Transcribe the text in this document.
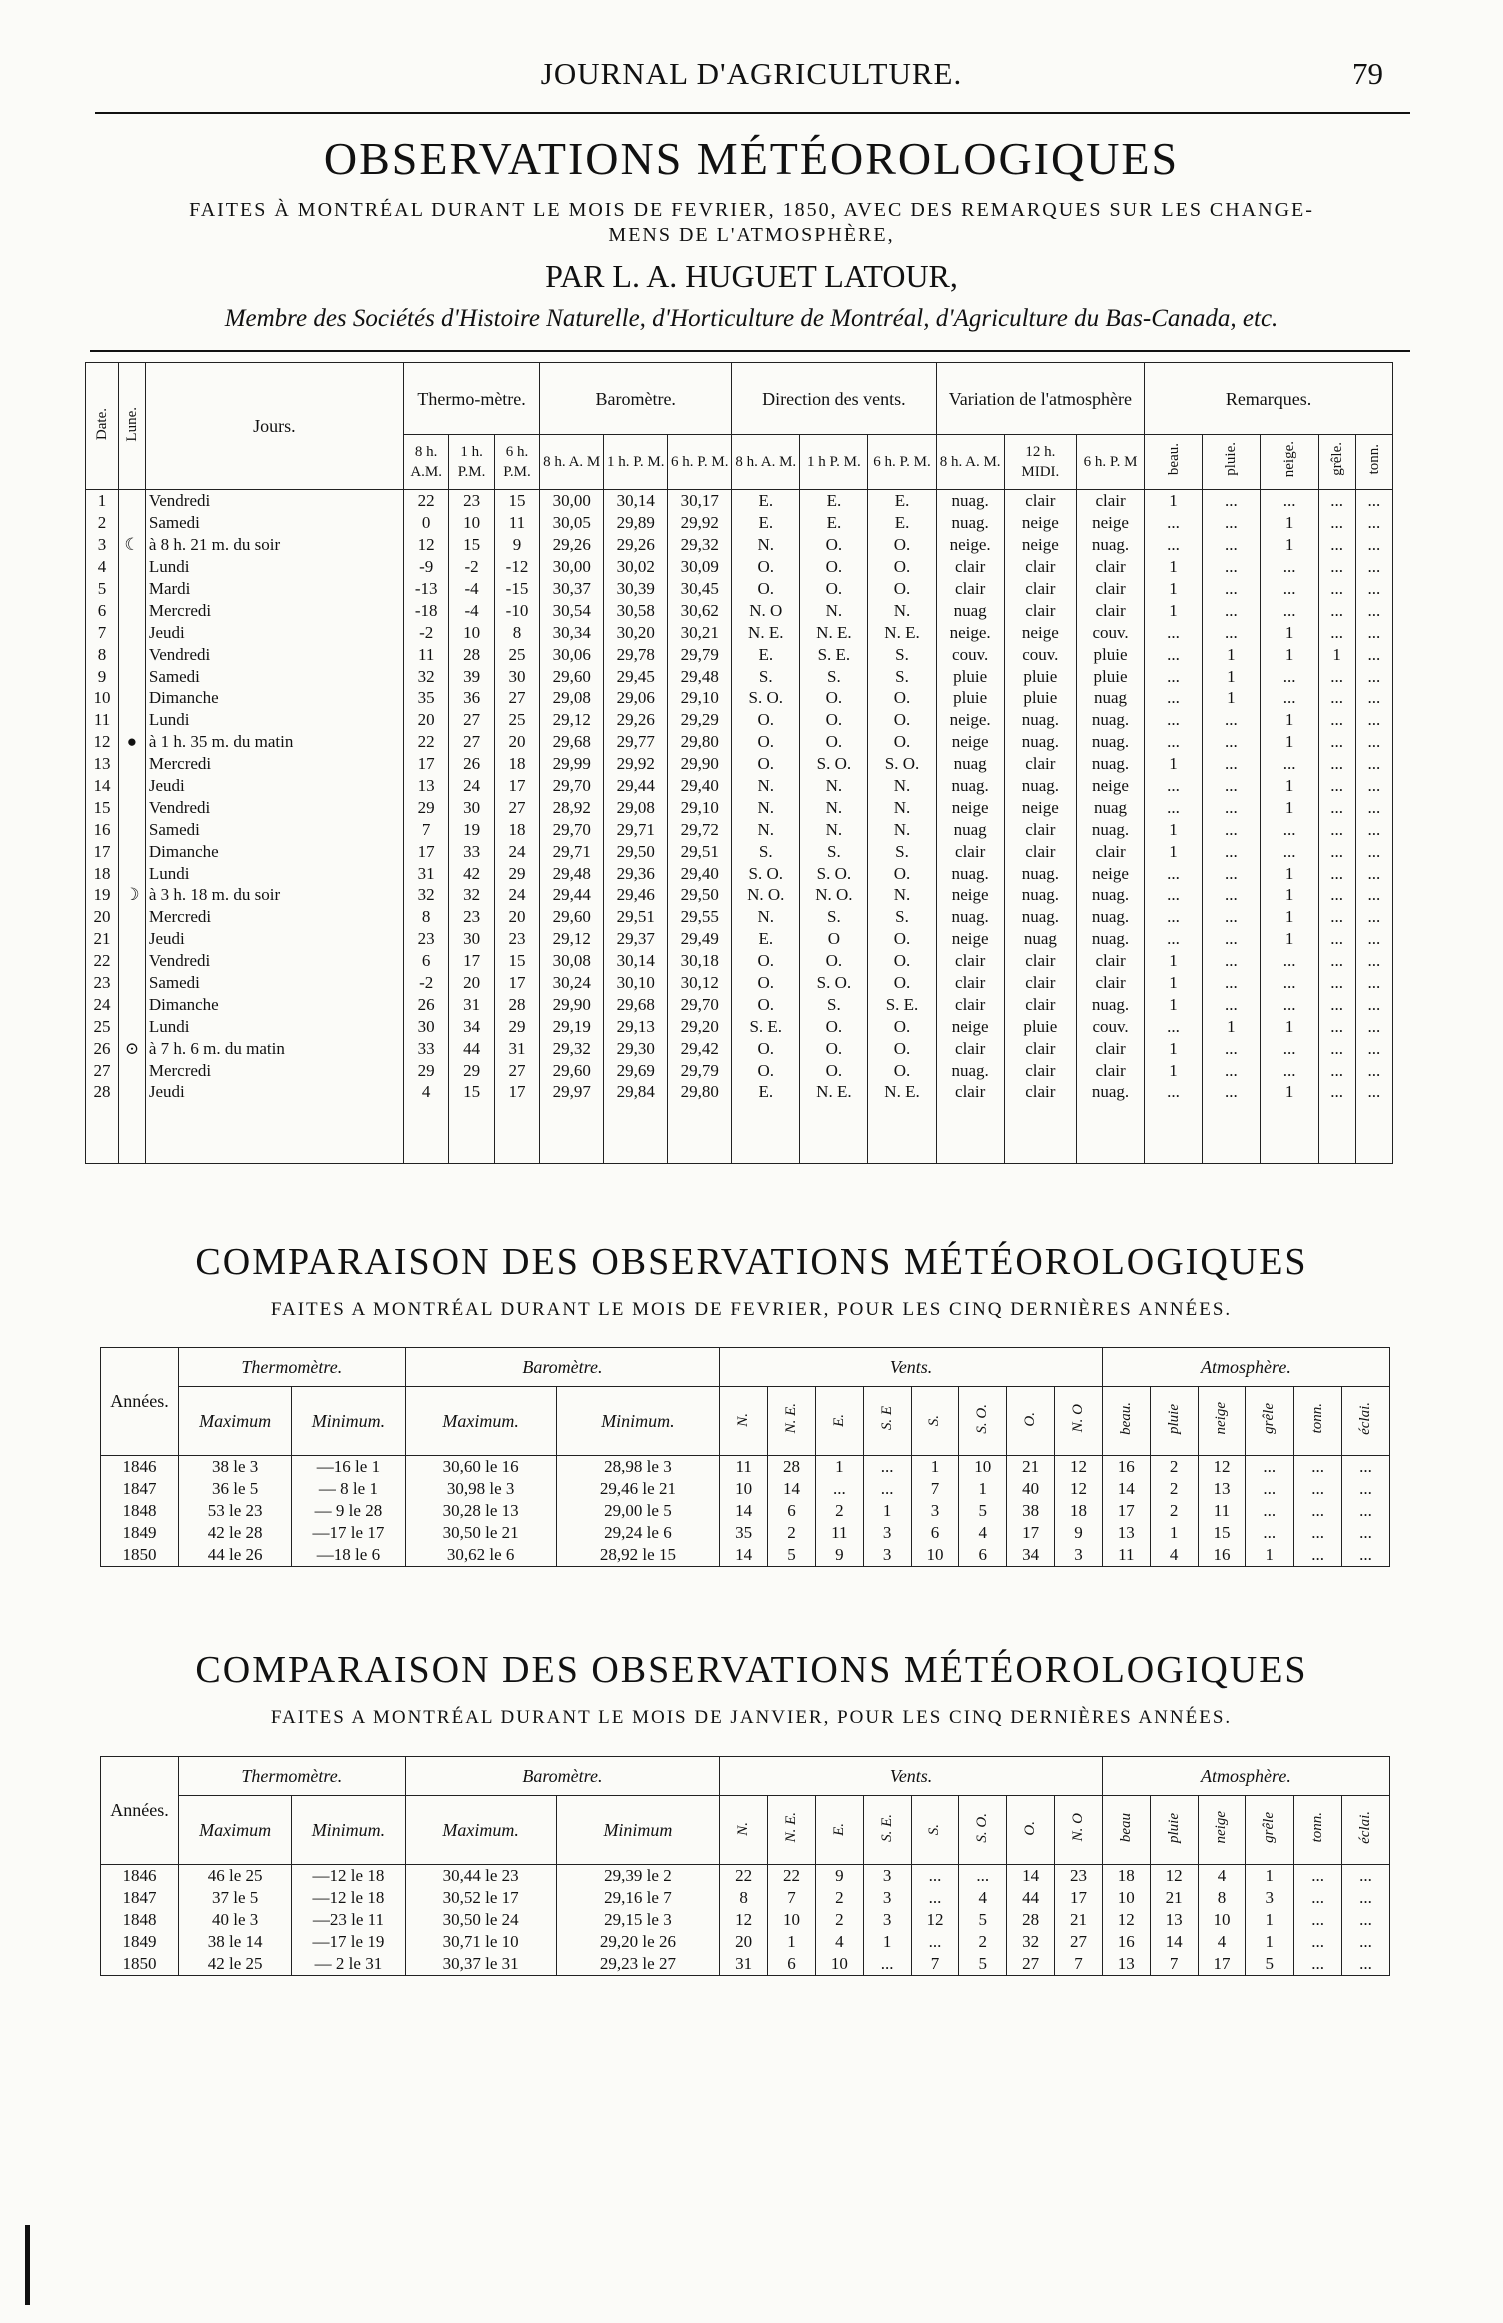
JOURNAL D'AGRICULTURE.	79
OBSERVATIONS MÉTÉOROLOGIQUES
FAITES À MONTRÉAL DURANT LE MOIS DE FEVRIER, 1850, AVEC DES REMARQUES SUR LES CHANGE-
MENS DE L'ATMOSPHÈRE,
PAR L. A. HUGUET LATOUR,
Membre des Sociétés d'Histoire Naturelle, d'Horticulture de Montréal, d'Agriculture du Bas-Canada, etc.
Date.	Lune.	Jours.	Thermo-mètre.			Baromètre.			Direction des vents.			Variation de l'atmosphère			Remarques.				
			8 h. A.M.	1 h. P.M.	6 h. P.M.	8 h. A. M	1 h. P. M.	6 h. P. M.	8 h. A. M.	1 h P. M.	6 h. P. M.	8 h. A. M.	12 h. MIDI.	6 h. P. M	beau.	pluie.	neige.	grêle.	tonn.
1		Vendredi	22	23	15	30,00	30,14	30,17	E.	E.	E.	nuag.	clair	clair	1	...	...	...	...
2		Samedi	0	10	11	30,05	29,89	29,92	E.	E.	E.	nuag.	neige	neige	...	...	1	...	...
3	☾	à 8 h. 21 m. du soir	12	15	9	29,26	29,26	29,32	N.	O.	O.	neige.	neige	nuag.	...	...	1	...	...
4		Lundi	-9	-2	-12	30,00	30,02	30,09	O.	O.	O.	clair	clair	clair	1	...	...	...	...
5		Mardi	-13	-4	-15	30,37	30,39	30,45	O.	O.	O.	clair	clair	clair	1	...	...	...	...
6		Mercredi	-18	-4	-10	30,54	30,58	30,62	N. O	N.	N.	nuag	clair	clair	1	...	...	...	...
7		Jeudi	-2	10	8	30,34	30,20	30,21	N. E.	N. E.	N. E.	neige.	neige	couv.	...	...	1	...	...
8		Vendredi	11	28	25	30,06	29,78	29,79	E.	S. E.	S.	couv.	couv.	pluie	...	1	1	1	...
9		Samedi	32	39	30	29,60	29,45	29,48	S.	S.	S.	pluie	pluie	pluie	...	1	...	...	...
10		Dimanche	35	36	27	29,08	29,06	29,10	S. O.	O.	O.	pluie	pluie	nuag	...	1	...	...	...
11		Lundi	20	27	25	29,12	29,26	29,29	O.	O.	O.	neige.	nuag.	nuag.	...	...	1	...	...
12	●	à 1 h. 35 m. du matin	22	27	20	29,68	29,77	29,80	O.	O.	O.	neige	nuag.	nuag.	...	...	1	...	...
13		Mercredi	17	26	18	29,99	29,92	29,90	O.	S. O.	S. O.	nuag	clair	nuag.	1	...	...	...	...
14		Jeudi	13	24	17	29,70	29,44	29,40	N.	N.	N.	nuag.	nuag.	neige	...	...	1	...	...
15		Vendredi	29	30	27	28,92	29,08	29,10	N.	N.	N.	neige	neige	nuag	...	...	1	...	...
16		Samedi	7	19	18	29,70	29,71	29,72	N.	N.	N.	nuag	clair	nuag.	1	...	...	...	...
17		Dimanche	17	33	24	29,71	29,50	29,51	S.	S.	S.	clair	clair	clair	1	...	...	...	...
18		Lundi	31	42	29	29,48	29,36	29,40	S. O.	S. O.	O.	nuag.	nuag.	neige	...	...	1	...	...
19	☽	à 3 h. 18 m. du soir	32	32	24	29,44	29,46	29,50	N. O.	N. O.	N.	neige	nuag.	nuag.	...	...	1	...	...
20		Mercredi	8	23	20	29,60	29,51	29,55	N.	S.	S.	nuag.	nuag.	nuag.	...	...	1	...	...
21		Jeudi	23	30	23	29,12	29,37	29,49	E.	O	O.	neige	nuag	nuag.	...	...	1	...	...
22		Vendredi	6	17	15	30,08	30,14	30,18	O.	O.	O.	clair	clair	clair	1	...	...	...	...
23		Samedi	-2	20	17	30,24	30,10	30,12	O.	S. O.	O.	clair	clair	clair	1	...	...	...	...
24		Dimanche	26	31	28	29,90	29,68	29,70	O.	S.	S. E.	clair	clair	nuag.	1	...	...	...	...
25		Lundi	30	34	29	29,19	29,13	29,20	S. E.	O.	O.	neige	pluie	couv.	...	1	1	...	...
26	⊙	à 7 h. 6 m. du matin	33	44	31	29,32	29,30	29,42	O.	O.	O.	clair	clair	clair	1	...	...	...	...
27		Mercredi	29	29	27	29,60	29,69	29,79	O.	O.	O.	nuag.	clair	clair	1	...	...	...	...
28		Jeudi	4	15	17	29,97	29,84	29,80	E.	N. E.	N. E.	clair	clair	nuag.	...	...	1	...	...

COMPARAISON DES OBSERVATIONS MÉTÉOROLOGIQUES
FAITES A MONTRÉAL DURANT LE MOIS DE FEVRIER, POUR LES CINQ DERNIÈRES ANNÉES.
Années.	Thermomètre.		Baromètre.		Vents.								Atmosphère.					
	Maximum	Minimum.	Maximum.	Minimum.	N.	N. E.	E.	S. E	S.	S. O.	O.	N. O	beau.	pluie	neige	grêle	tonn.	éclai.
1846	38 le 3	—16 le 1	30,60 le 16	28,98 le 3	11	28	1	...	1	10	21	12	16	2	12	...	...	...
1847	36 le 5	— 8 le 1	30,98 le 3	29,46 le 21	10	14	...	...	7	1	40	12	14	2	13	...	...	...
1848	53 le 23	— 9 le 28	30,28 le 13	29,00 le 5	14	6	2	1	3	5	38	18	17	2	11	...	...	...
1849	42 le 28	—17 le 17	30,50 le 21	29,24 le 6	35	2	11	3	6	4	17	9	13	1	15	...	...	...
1850	44 le 26	—18 le 6	30,62 le 6	28,92 le 15	14	5	9	3	10	6	34	3	11	4	16	1	...	...
COMPARAISON DES OBSERVATIONS MÉTÉOROLOGIQUES
FAITES A MONTRÉAL DURANT LE MOIS DE JANVIER, POUR LES CINQ DERNIÈRES ANNÉES.
Années.	Thermomètre.		Baromètre.		Vents.								Atmosphère.					
	Maximum	Minimum.	Maximum.	Minimum	N.	N. E.	E.	S. E.	S.	S. O.	O.	N. O	beau	pluie	neige	grêle	tonn.	éclai.
1846	46 le 25	—12 le 18	30,44 le 23	29,39 le 2	22	22	9	3	...	...	14	23	18	12	4	1	...	...
1847	37 le 5	—12 le 18	30,52 le 17	29,16 le 7	8	7	2	3	...	4	44	17	10	21	8	3	...	...
1848	40 le 3	—23 le 11	30,50 le 24	29,15 le 3	12	10	2	3	12	5	28	21	12	13	10	1	...	...
1849	38 le 14	—17 le 19	30,71 le 10	29,20 le 26	20	1	4	1	...	2	32	27	16	14	4	1	...	...
1850	42 le 25	— 2 le 31	30,37 le 31	29,23 le 27	31	6	10	...	7	5	27	7	13	7	17	5	...	...
